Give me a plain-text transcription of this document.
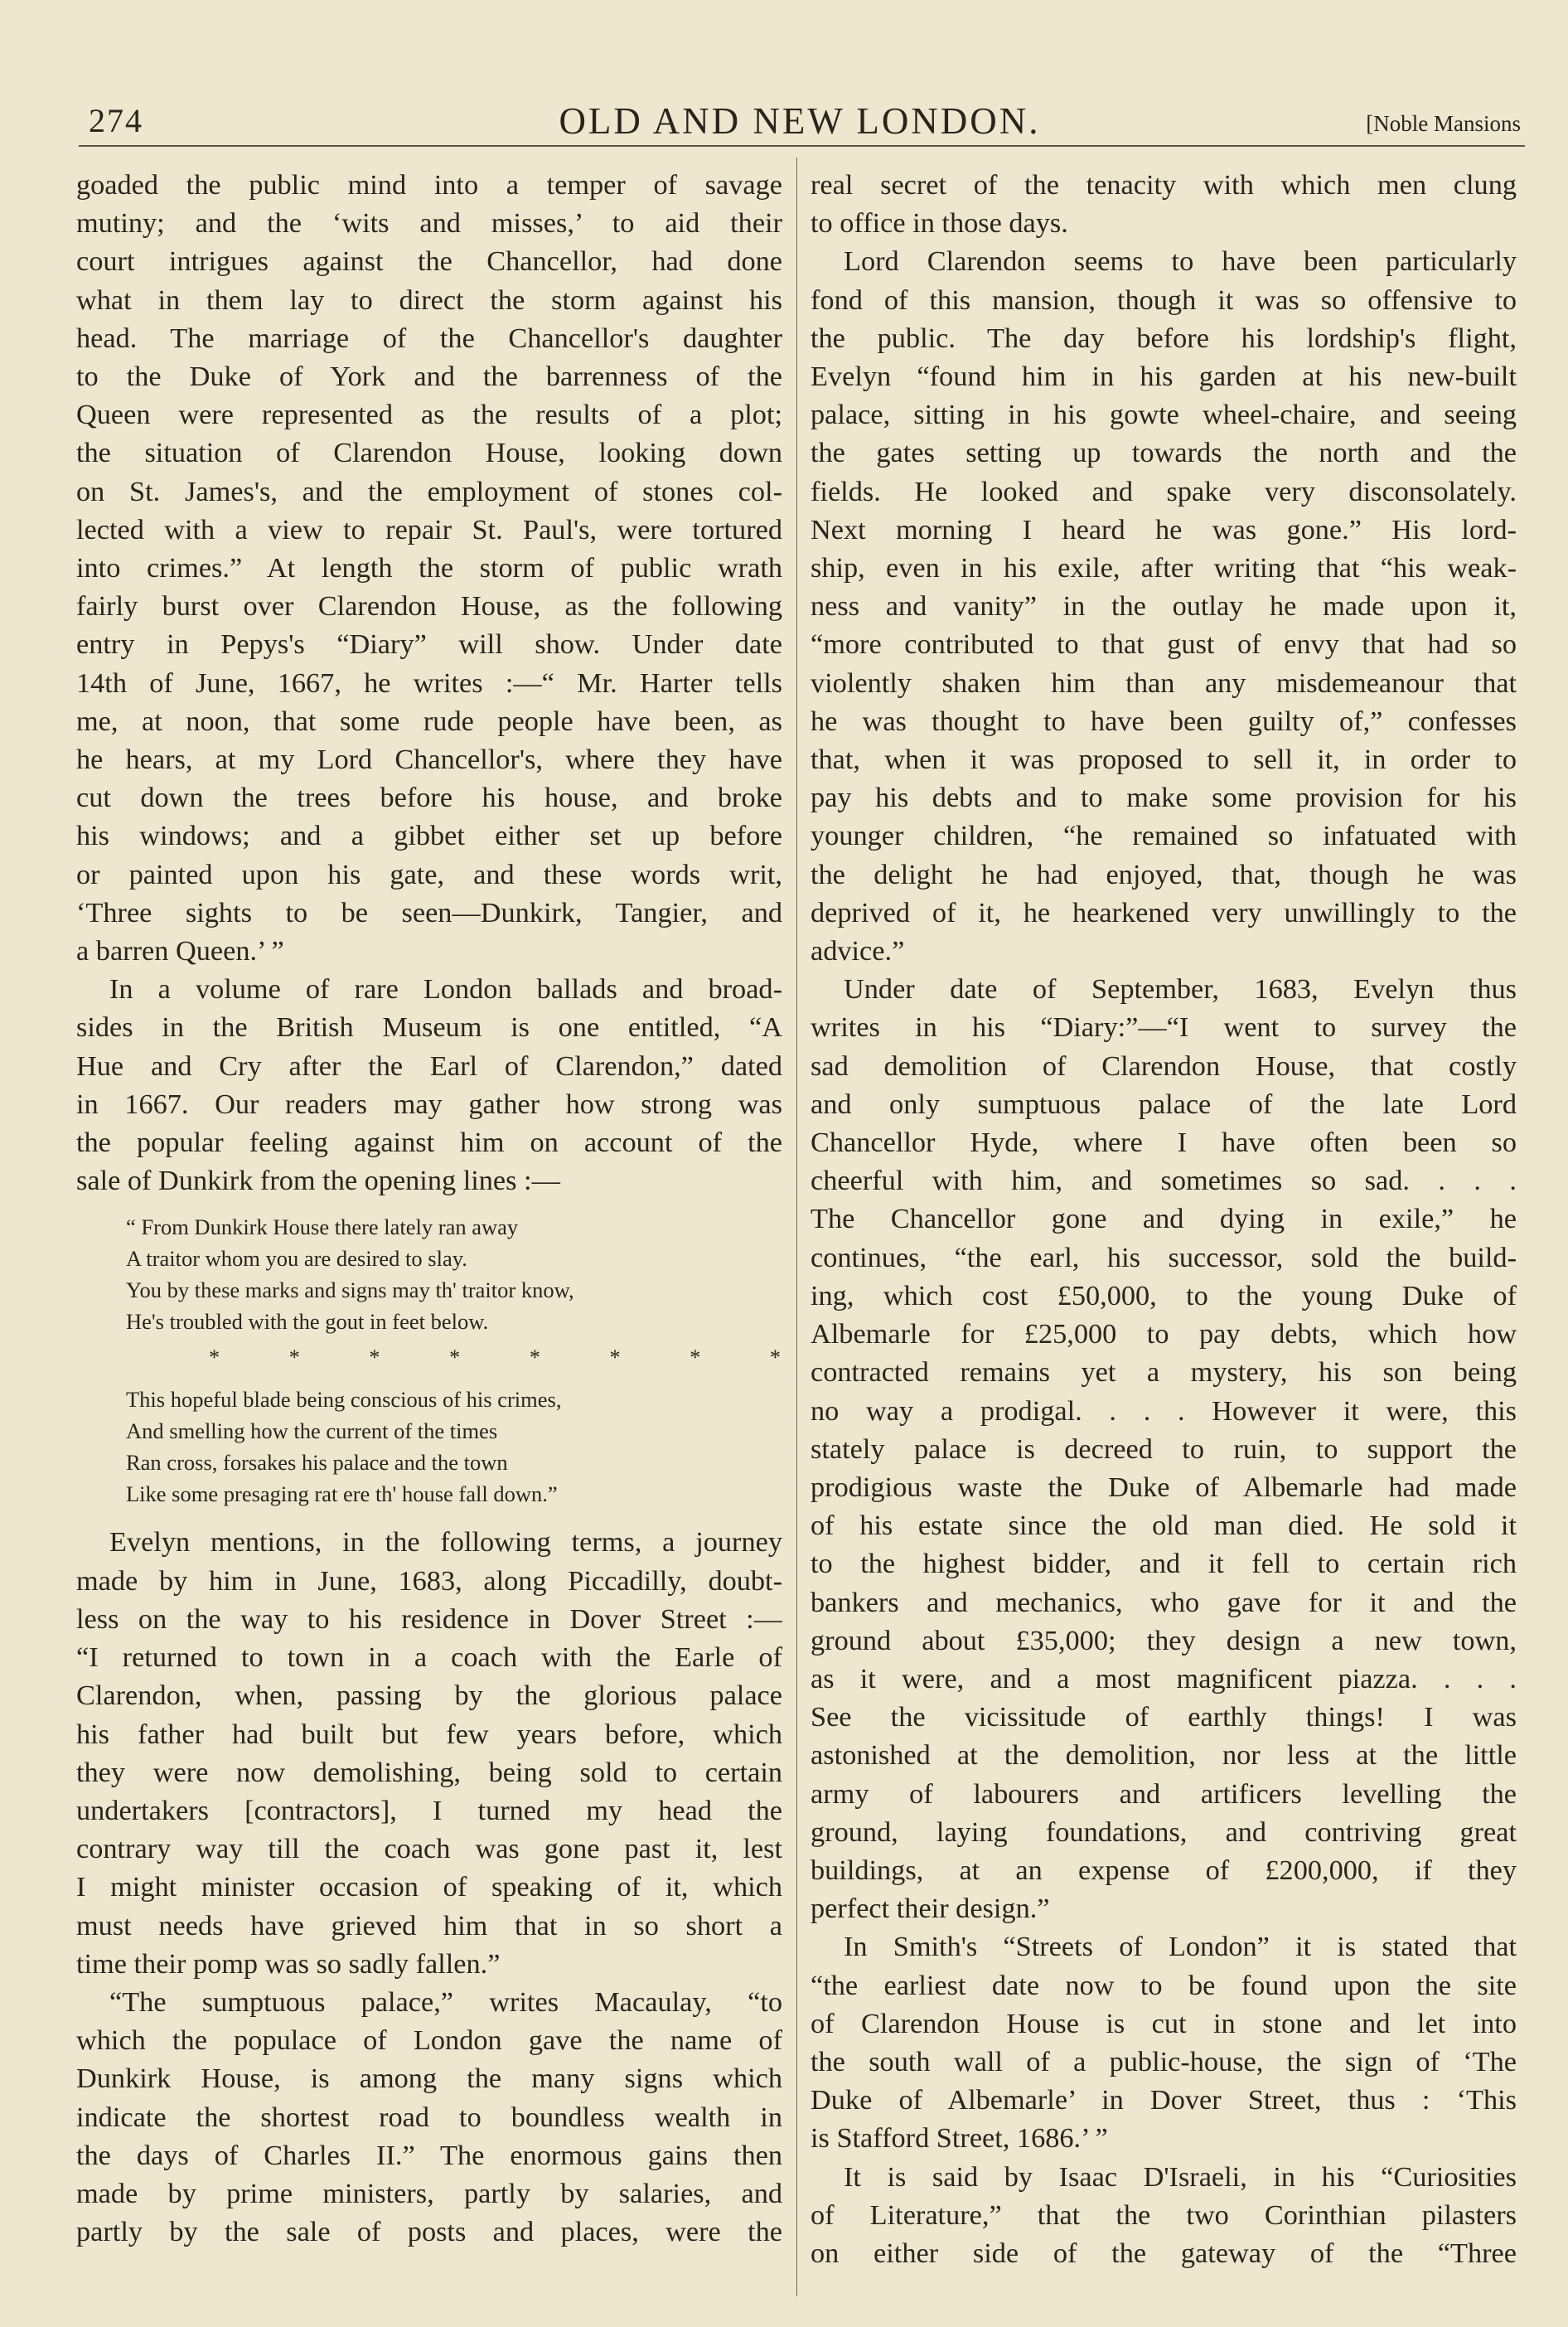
274	OLD AND NEW LONDON.	[Noble Mansions

goaded the public mind into a temper of savage

mutiny; and the ‘wits and misses,’ to aid their

court intrigues against the Chancellor, had done

what in them lay to direct the storm against his

head. The marriage of the Chancellor's daughter

to the Duke of York and the barrenness of the

Queen were represented as the results of a plot;

the situation of Clarendon House, looking down

on St. James's, and the employment of stones col-

lected with a view to repair St. Paul's, were tortured

into crimes.” At length the storm of public wrath

fairly burst over Clarendon House, as the following

entry in Pepys's “Diary” will show. Under date

14th of June, 1667, he writes :—“ Mr. Harter tells

me, at noon, that some rude people have been, as

he hears, at my Lord Chancellor's, where they have

cut down the trees before his house, and broke

his windows; and a gibbet either set up before

or painted upon his gate, and these words writ,

‘Three sights to be seen—Dunkirk, Tangier, and

a barren Queen.’ ”

In a volume of rare London ballads and broad-

sides in the British Museum is one entitled, “A

Hue and Cry after the Earl of Clarendon,” dated

in 1667. Our readers may gather how strong was

the popular feeling against him on account of the

sale of Dunkirk from the opening lines :—

“ From Dunkirk House there lately ran away

A traitor whom you are desired to slay.

You by these marks and signs may th' traitor know,

He's troubled with the gout in feet below.

*	*	*	*	*	*	*	*

This hopeful blade being conscious of his crimes,

And smelling how the current of the times

Ran cross, forsakes his palace and the town

Like some presaging rat ere th' house fall down.”

Evelyn mentions, in the following terms, a journey

made by him in June, 1683, along Piccadilly, doubt-

less on the way to his residence in Dover Street :—

“I returned to town in a coach with the Earle of

Clarendon, when, passing by the glorious palace

his father had built but few years before, which

they were now demolishing, being sold to certain

undertakers [contractors], I turned my head the

contrary way till the coach was gone past it, lest

I might minister occasion of speaking of it, which

must needs have grieved him that in so short a

time their pomp was so sadly fallen.”

“The sumptuous palace,” writes Macaulay, “to

which the populace of London gave the name of

Dunkirk House, is among the many signs which

indicate the shortest road to boundless wealth in

the days of Charles II.” The enormous gains then

made by prime ministers, partly by salaries, and

partly by the sale of posts and places, were the

real secret of the tenacity with which men clung

to office in those days.

Lord Clarendon seems to have been particularly

fond of this mansion, though it was so offensive to

the public. The day before his lordship's flight,

Evelyn “found him in his garden at his new-built

palace, sitting in his gowte wheel-chaire, and seeing

the gates setting up towards the north and the

fields. He looked and spake very disconsolately.

Next morning I heard he was gone.” His lord-

ship, even in his exile, after writing that “his weak-

ness and vanity” in the outlay he made upon it,

“more contributed to that gust of envy that had so

violently shaken him than any misdemeanour that

he was thought to have been guilty of,” confesses

that, when it was proposed to sell it, in order to

pay his debts and to make some provision for his

younger children, “he remained so infatuated with

the delight he had enjoyed, that, though he was

deprived of it, he hearkened very unwillingly to the

advice.”

Under date of September, 1683, Evelyn thus

writes in his “Diary:”—“I went to survey the

sad demolition of Clarendon House, that costly

and only sumptuous palace of the late Lord

Chancellor Hyde, where I have often been so

cheerful with him, and sometimes so sad. . . .

The Chancellor gone and dying in exile,” he

continues, “the earl, his successor, sold the build-

ing, which cost £50,000, to the young Duke of

Albemarle for £25,000 to pay debts, which how

contracted remains yet a mystery, his son being

no way a prodigal. . . . However it were, this

stately palace is decreed to ruin, to support the

prodigious waste the Duke of Albemarle had made

of his estate since the old man died. He sold it

to the highest bidder, and it fell to certain rich

bankers and mechanics, who gave for it and the

ground about £35,000; they design a new town,

as it were, and a most magnificent piazza. . . .

See the vicissitude of earthly things! I was

astonished at the demolition, nor less at the little

army of labourers and artificers levelling the

ground, laying foundations, and contriving great

buildings, at an expense of £200,000, if they

perfect their design.”

In Smith's “Streets of London” it is stated that

“the earliest date now to be found upon the site

of Clarendon House is cut in stone and let into

the south wall of a public-house, the sign of ‘The

Duke of Albemarle’ in Dover Street, thus : ‘This

is Stafford Street, 1686.’ ”

It is said by Isaac D'Israeli, in his “Curiosities

of Literature,” that the two Corinthian pilasters

on either side of the gateway of the “Three
